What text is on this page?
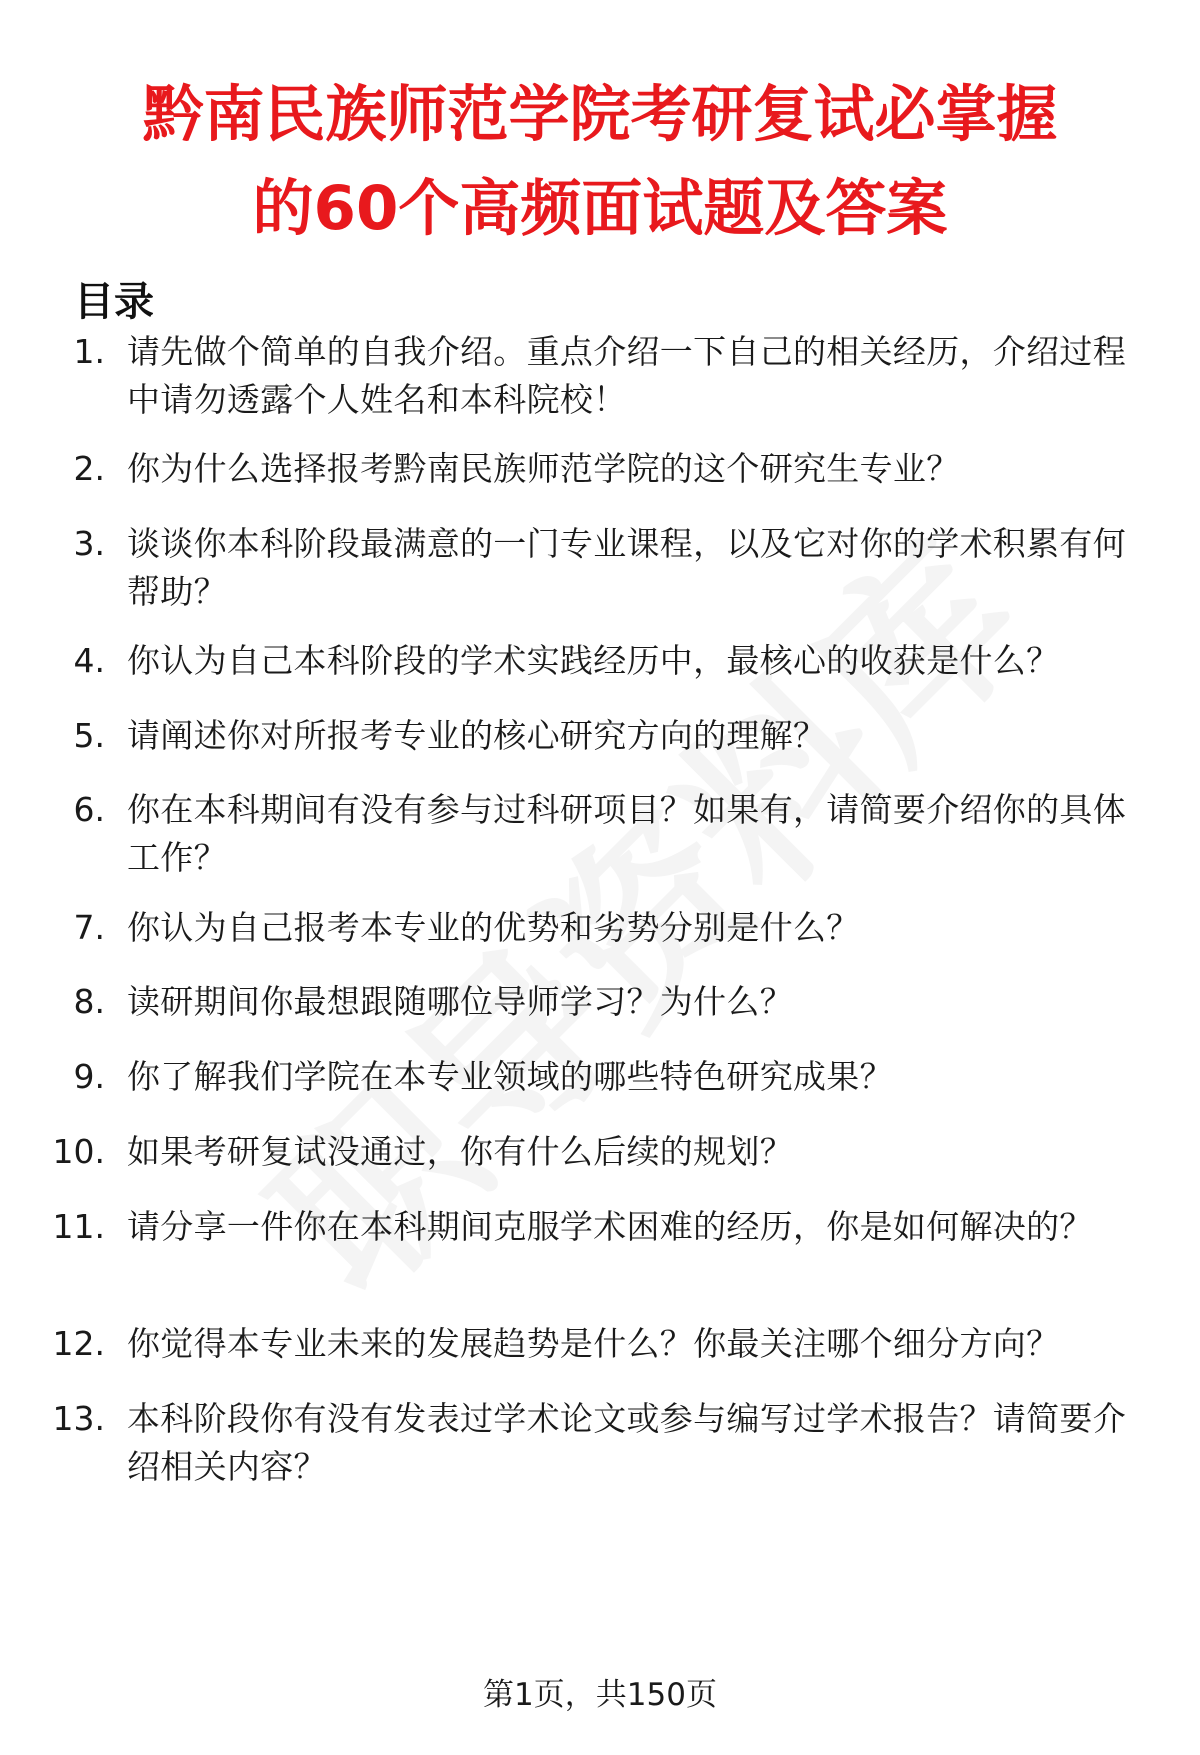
黔南民族师范学院考研复试必掌握
的60个高频面试题及答案
目录
1. 请先做个简单的自我介绍。重点介绍一下自己的相关经历，介绍过程中请勿透露个人姓名和本科院校！
2. 你为什么选择报考黔南民族师范学院的这个研究生专业？
3. 谈谈你本科阶段最满意的一门专业课程，以及它对你的学术积累有何帮助？
4. 你认为自己本科阶段的学术实践经历中，最核心的收获是什么？
5. 请阐述你对所报考专业的核心研究方向的理解？
6. 你在本科期间有没有参与过科研项目？如果有，请简要介绍你的具体工作？
7. 你认为自己报考本专业的优势和劣势分别是什么？
8. 读研期间你最想跟随哪位导师学习？为什么？
9. 你了解我们学院在本专业领域的哪些特色研究成果？
10. 如果考研复试没通过，你有什么后续的规划？
11. 请分享一件你在本科期间克服学术困难的经历，你是如何解决的？
12. 你觉得本专业未来的发展趋势是什么？你最关注哪个细分方向？
13. 本科阶段你有没有发表过学术论文或参与编写过学术报告？请简要介绍相关内容？
第1页，共150页
